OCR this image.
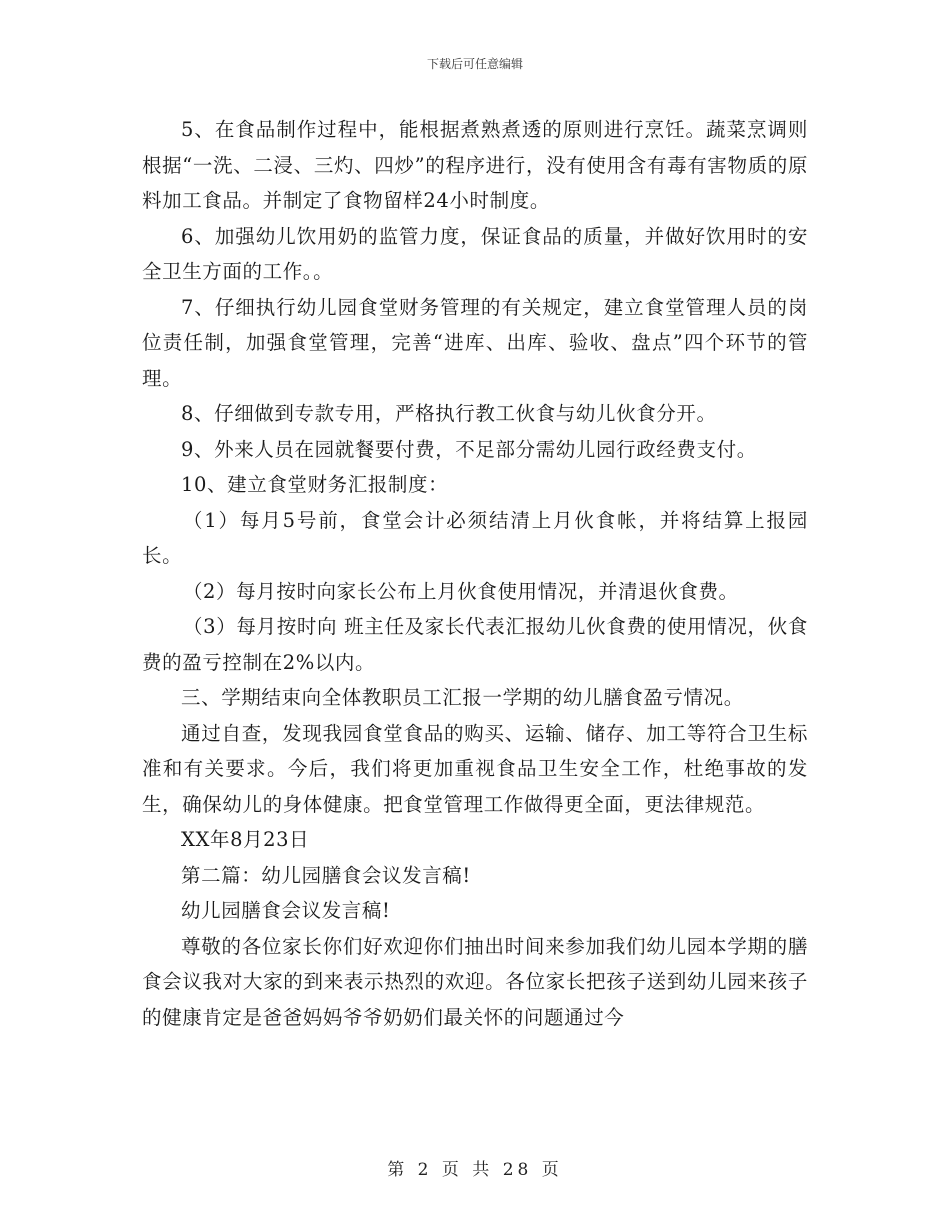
下载后可任意编辑

5、在食品制作过程中，能根据煮熟煮透的原则进行烹饪。蔬菜烹调则根据“一洗、二浸、三灼、四炒”的程序进行，没有使用含有毒有害物质的原料加工食品。并制定了食物留样24小时制度。

6、加强幼儿饮用奶的监管力度，保证食品的质量，并做好饮用时的安全卫生方面的工作。。

7、仔细执行幼儿园食堂财务管理的有关规定，建立食堂管理人员的岗位责任制，加强食堂管理，完善“进库、出库、验收、盘点”四个环节的管理。

8、仔细做到专款专用，严格执行教工伙食与幼儿伙食分开。

9、外来人员在园就餐要付费，不足部分需幼儿园行政经费支付。

10、建立食堂财务汇报制度：

（1）每月5号前，食堂会计必须结清上月伙食帐，并将结算上报园长。

（2）每月按时向家长公布上月伙食使用情况，并清退伙食费。

（3）每月按时向 班主任及家长代表汇报幼儿伙食费的使用情况，伙食费的盈亏控制在2%以内。

三、学期结束向全体教职员工汇报一学期的幼儿膳食盈亏情况。

通过自查，发现我园食堂食品的购买、运输、储存、加工等符合卫生标准和有关要求。今后，我们将更加重视食品卫生安全工作，杜绝事故的发生，确保幼儿的身体健康。把食堂管理工作做得更全面，更法律规范。

XX年8月23日

第二篇：幼儿园膳食会议发言稿!

幼儿园膳食会议发言稿!

尊敬的各位家长你们好欢迎你们抽出时间来参加我们幼儿园本学期的膳食会议我对大家的到来表示热烈的欢迎。各位家长把孩子送到幼儿园来孩子的健康肯定是爸爸妈妈爷爷奶奶们最关怀的问题通过今

第 2 页 共 28 页
